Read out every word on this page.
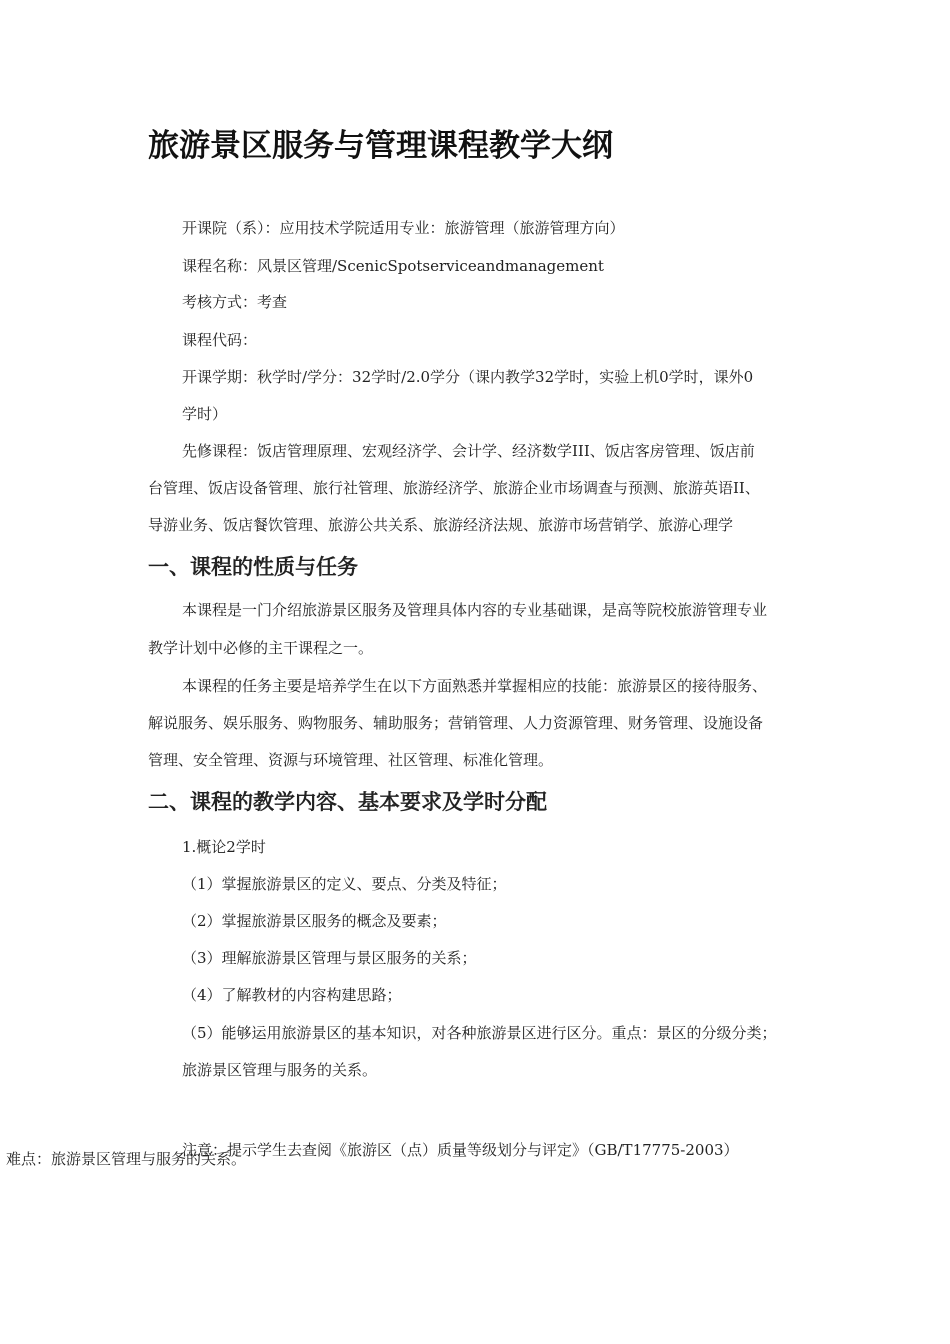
旅游景区服务与管理课程教学大纲

开课院（系）：应用技术学院适用专业：旅游管理（旅游管理方向）

课程名称：风景区管理/ScenicSpotserviceandmanagement

考核方式：考查

课程代码：

开课学期：秋学时/学分：32学时/2.0学分（课内教学32学时，实验上机0学时，课外0

学时）

先修课程：饭店管理原理、宏观经济学、会计学、经济数学III、饭店客房管理、饭店前

台管理、饭店设备管理、旅行社管理、旅游经济学、旅游企业市场调查与预测、旅游英语II、

导游业务、饭店餐饮管理、旅游公共关系、旅游经济法规、旅游市场营销学、旅游心理学

一、课程的性质与任务

本课程是一门介绍旅游景区服务及管理具体内容的专业基础课，是高等院校旅游管理专业

教学计划中必修的主干课程之一。

本课程的任务主要是培养学生在以下方面熟悉并掌握相应的技能：旅游景区的接待服务、

解说服务、娱乐服务、购物服务、辅助服务；营销管理、人力资源管理、财务管理、设施设备

管理、安全管理、资源与环境管理、社区管理、标准化管理。

二、课程的教学内容、基本要求及学时分配

1.概论2学时

（1）掌握旅游景区的定义、要点、分类及特征；

（2）掌握旅游景区服务的概念及要素；

（3）理解旅游景区管理与景区服务的关系；

（4）了解教材的内容构建思路；

（5）能够运用旅游景区的基本知识，对各种旅游景区进行区分。重点：景区的分级分类；

旅游景区管理与服务的关系。

注意：提示学生去查阅《旅游区（点）质量等级划分与评定》（GB/T17775-2003）

难点：旅游景区管理与服务的关系。
